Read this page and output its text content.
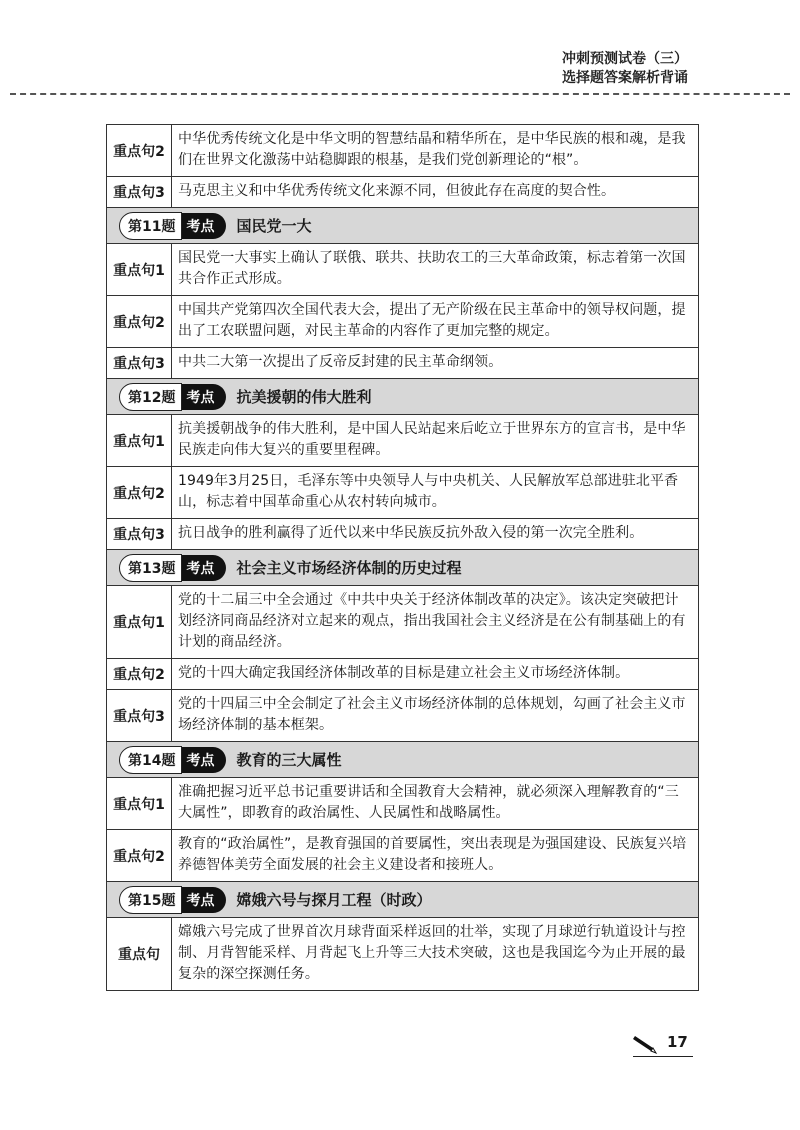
冲刺预测试卷（三）
选择题答案解析背诵
重点句2
中华优秀传统文化是中华文明的智慧结晶和精华所在，是中华民族的根和魂，是我们在世界文化激荡中站稳脚跟的根基，是我们党创新理论的“根”。
重点句3 马克思主义和中华优秀传统文化来源不同，但彼此存在高度的契合性。
第11题 考点	国民党一大
重点句1
国民党一大事实上确认了联俄、联共、扶助农工的三大革命政策，标志着第一次国共合作正式形成。
重点句2
中国共产党第四次全国代表大会，提出了无产阶级在民主革命中的领导权问题，提出了工农联盟问题，对民主革命的内容作了更加完整的规定。
重点句3 中共二大第一次提出了反帝反封建的民主革命纲领。
第12题 考点	抗美援朝的伟大胜利
重点句1
抗美援朝战争的伟大胜利，是中国人民站起来后屹立于世界东方的宣言书，是中华民族走向伟大复兴的重要里程碑。
重点句2
1949年3月25日，毛泽东等中央领导人与中央机关、人民解放军总部进驻北平香山，标志着中国革命重心从农村转向城市。
重点句3 抗日战争的胜利赢得了近代以来中华民族反抗外敌入侵的第一次完全胜利。
第13题 考点	社会主义市场经济体制的历史过程
重点句1
党的十二届三中全会通过《中共中央关于经济体制改革的决定》。该决定突破把计划经济同商品经济对立起来的观点，指出我国社会主义经济是在公有制基础上的有计划的商品经济。
重点句2 党的十四大确定我国经济体制改革的目标是建立社会主义市场经济体制。
重点句3
党的十四届三中全会制定了社会主义市场经济体制的总体规划，勾画了社会主义市场经济体制的基本框架。
第14题 考点	教育的三大属性
重点句1
准确把握习近平总书记重要讲话和全国教育大会精神，就必须深入理解教育的“三大属性”，即教育的政治属性、人民属性和战略属性。
重点句2
教育的“政治属性”，是教育强国的首要属性，突出表现是为强国建设、民族复兴培养德智体美劳全面发展的社会主义建设者和接班人。
第15题 考点	嫦娥六号与探月工程（时政）
重点句
嫦娥六号完成了世界首次月球背面采样返回的壮举，实现了月球逆行轨道设计与控制、月背智能采样、月背起飞上升等三大技术突破，这也是我国迄今为止开展的最复杂的深空探测任务。
17
